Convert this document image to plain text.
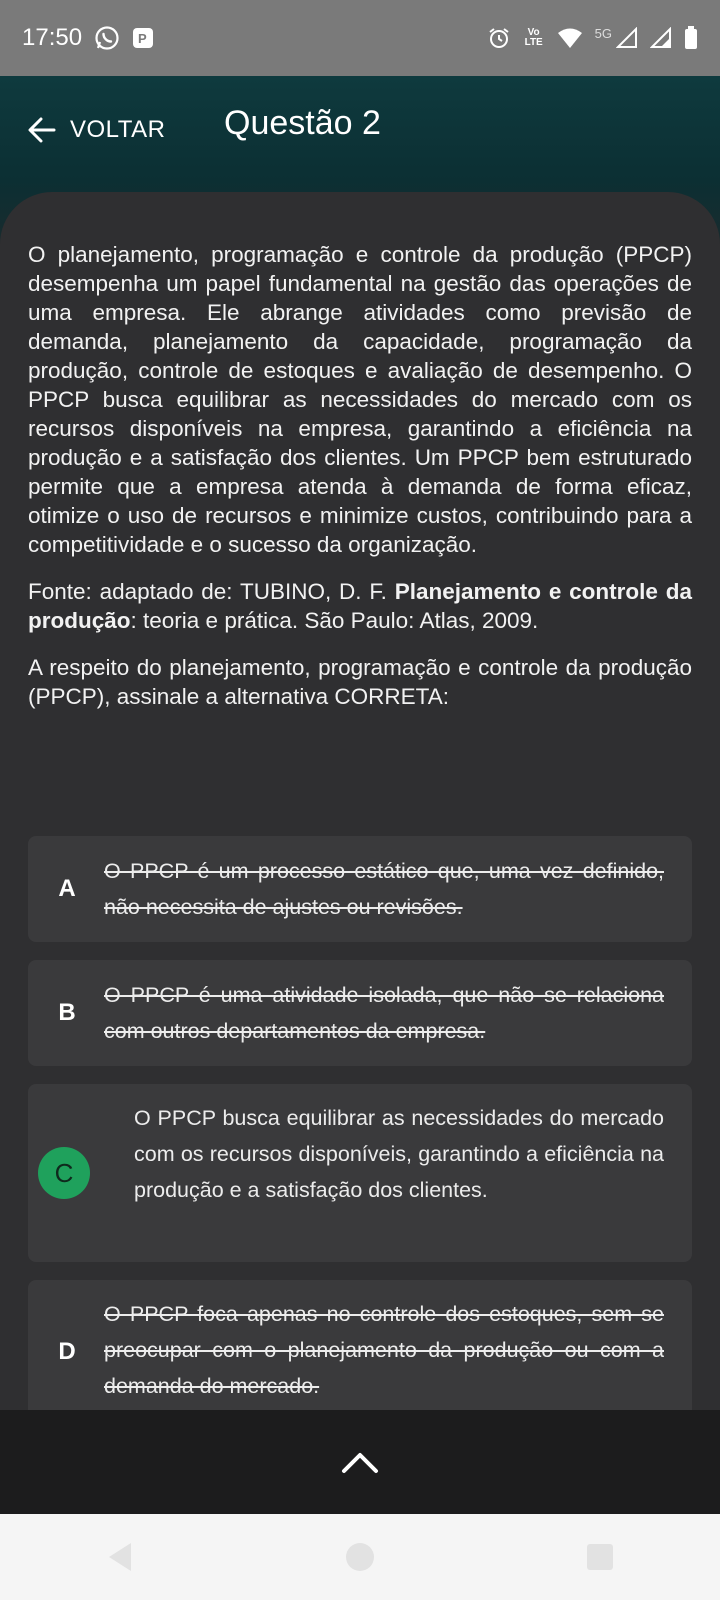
17:50	P	Vo LTE
5G
VOLTAR Questão 2

O planejamento, programação e controle da produção (PPCP) desempenha um papel fundamental na gestão das operações de uma empresa. Ele abrange atividades como previsão de demanda, planejamento da capacidade, programação da produção, controle de estoques e avaliação de desempenho. O PPCP busca equilibrar as necessidades do mercado com os recursos disponíveis na empresa, garantindo a eficiência na produção e a satisfação dos clientes. Um PPCP bem estruturado permite que a empresa atenda à demanda de forma eficaz, otimize o uso de recursos e minimize custos, contribuindo para a competitividade e o sucesso da organização.

Fonte: adaptado de: TUBINO, D. F. Planejamento e controle da produção: teoria e prática. São Paulo: Atlas, 2009.

A respeito do planejamento, programação e controle da produção (PPCP), assinale a alternativa CORRETA:

A
O PPCP é um processo estático que, uma vez definido, não necessita de ajustes ou revisões.
B
O PPCP é uma atividade isolada, que não se relaciona com outros departamentos da empresa.
C
O PPCP busca equilibrar as necessidades do mercado com os recursos disponíveis, garantindo a eficiência na produção e a satisfação dos clientes.
D
O PPCP foca apenas no controle dos estoques, sem se preocupar com o planejamento da produção ou com a demanda do mercado.
